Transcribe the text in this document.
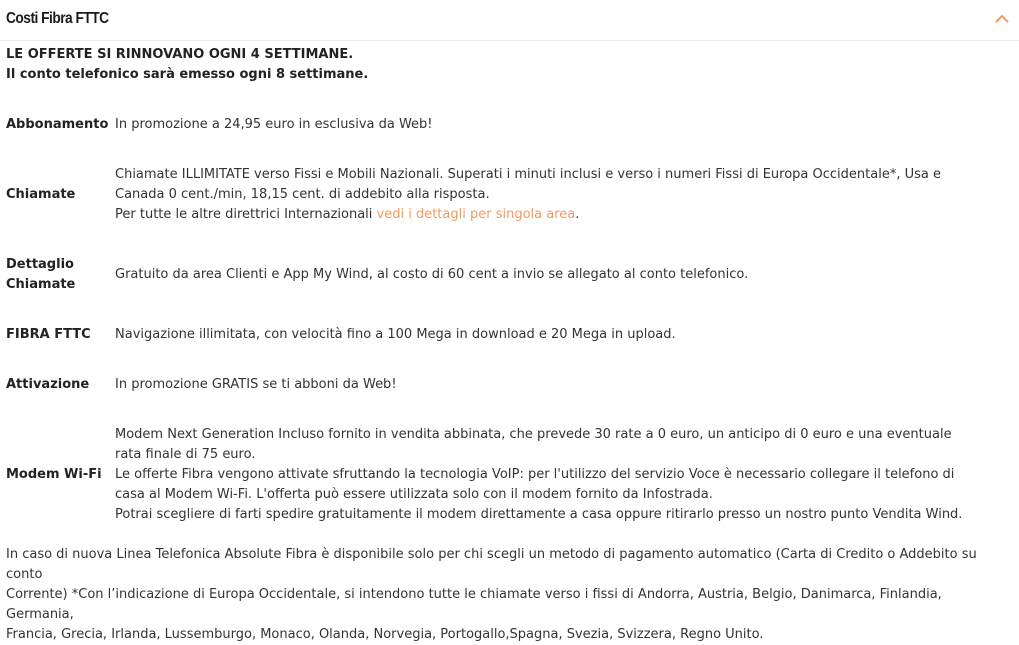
Costi Fibra FTTC
LE OFFERTE SI RINNOVANO OGNI 4 SETTIMANE.
Il conto telefonico sarà emesso ogni 8 settimane.
Abbonamento In promozione a 24,95 euro in esclusiva da Web!
Chiamate
Chiamate ILLIMITATE verso Fissi e Mobili Nazionali. Superati i minuti inclusi e verso i numeri Fissi di Europa Occidentale*, Usa e
Canada 0 cent./min, 18,15 cent. di addebito alla risposta.
Per tutte le altre direttrici Internazionali vedi i dettagli per singola area.
Dettaglio
Chiamate
Gratuito da area Clienti e App My Wind, al costo di 60 cent a invio se allegato al conto telefonico.
FIBRA FTTC Navigazione illimitata, con velocità fino a 100 Mega in download e 20 Mega in upload.
Attivazione In promozione GRATIS se ti abboni da Web!
Modem Wi-Fi
Modem Next Generation Incluso fornito in vendita abbinata, che prevede 30 rate a 0 euro, un anticipo di 0 euro e una eventuale
rata finale di 75 euro.
Le offerte Fibra vengono attivate sfruttando la tecnologia VoIP: per l'utilizzo del servizio Voce è necessario collegare il telefono di
casa al Modem Wi-Fi. L'offerta può essere utilizzata solo con il modem fornito da Infostrada.
Potrai scegliere di farti spedire gratuitamente il modem direttamente a casa oppure ritirarlo presso un nostro punto Vendita Wind.
In caso di nuova Linea Telefonica Absolute Fibra è disponibile solo per chi scegli un metodo di pagamento automatico (Carta di Credito o Addebito su conto
Corrente) *Con l’indicazione di Europa Occidentale, si intendono tutte le chiamate verso i fissi di Andorra, Austria, Belgio, Danimarca, Finlandia, Germania,
Francia, Grecia, Irlanda, Lussemburgo, Monaco, Olanda, Norvegia, Portogallo,Spagna, Svezia, Svizzera, Regno Unito.
